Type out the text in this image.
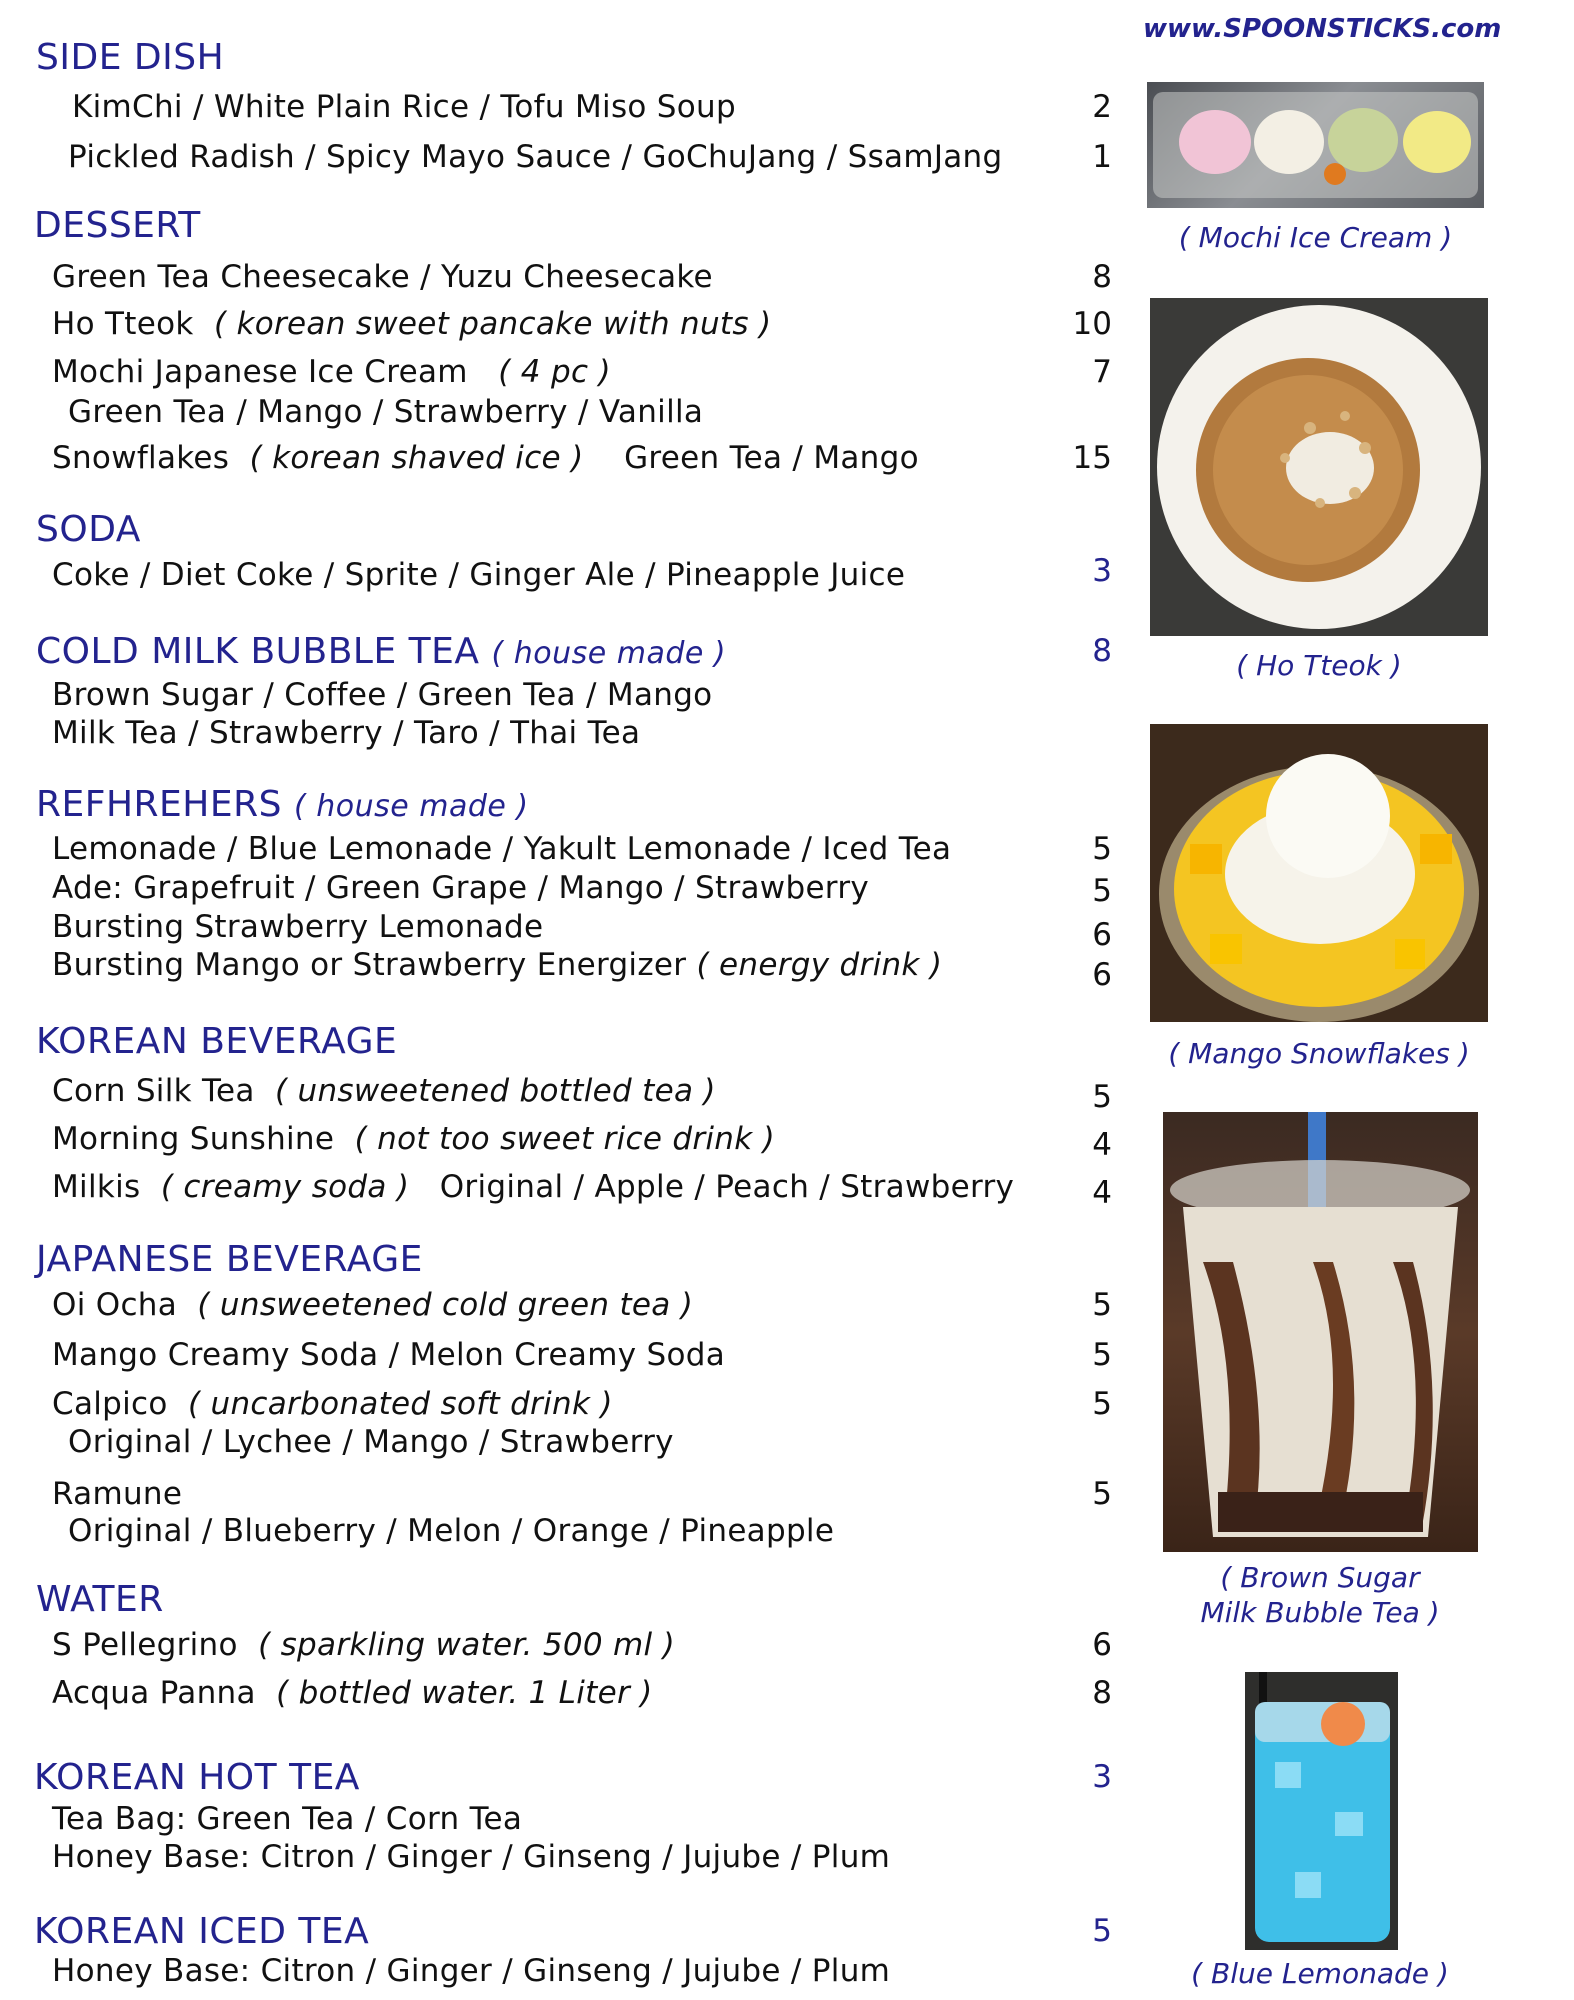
www.SPOONSTICKS.com
SIDE DISH
KimChi / White Plain Rice / Tofu Miso Soup	2
Pickled Radish / Spicy Mayo Sauce / GoChuJang / SsamJang	1
DESSERT
Green Tea Cheesecake / Yuzu Cheesecake	8
Ho Tteok ( korean sweet pancake with nuts )	10
Mochi Japanese Ice Cream ( 4 pc )	7
Green Tea / Mango / Strawberry / Vanilla
Snowflakes ( korean shaved ice ) Green Tea / Mango	15
SODA
Coke / Diet Coke / Sprite / Ginger Ale / Pineapple Juice	3
COLD MILK BUBBLE TEA ( house made )	8
Brown Sugar / Coffee / Green Tea / Mango
Milk Tea / Strawberry / Taro / Thai Tea
REFHREHERS ( house made )
Lemonade / Blue Lemonade / Yakult Lemonade / Iced Tea	5
Ade: Grapefruit / Green Grape / Mango / Strawberry	5
Bursting Strawberry Lemonade	6
Bursting Mango or Strawberry Energizer ( energy drink )	6
KOREAN BEVERAGE
Corn Silk Tea ( unsweetened bottled tea )	5
Morning Sunshine ( not too sweet rice drink )	4
Milkis ( creamy soda ) Original / Apple / Peach / Strawberry	4
JAPANESE BEVERAGE
Oi Ocha ( unsweetened cold green tea )	5
Mango Creamy Soda / Melon Creamy Soda	5
Calpico ( uncarbonated soft drink )	5
Original / Lychee / Mango / Strawberry
Ramune	5
Original / Blueberry / Melon / Orange / Pineapple
WATER
S Pellegrino ( sparkling water. 500 ml )	6
Acqua Panna ( bottled water. 1 Liter )	8
KOREAN HOT TEA	3
Tea Bag: Green Tea / Corn Tea
Honey Base: Citron / Ginger / Ginseng / Jujube / Plum
KOREAN ICED TEA	5
Honey Base: Citron / Ginger / Ginseng / Jujube / Plum
( Mochi Ice Cream )
( Ho Tteok )
( Mango Snowflakes )
( Brown Sugar
Milk Bubble Tea )
( Blue Lemonade )
